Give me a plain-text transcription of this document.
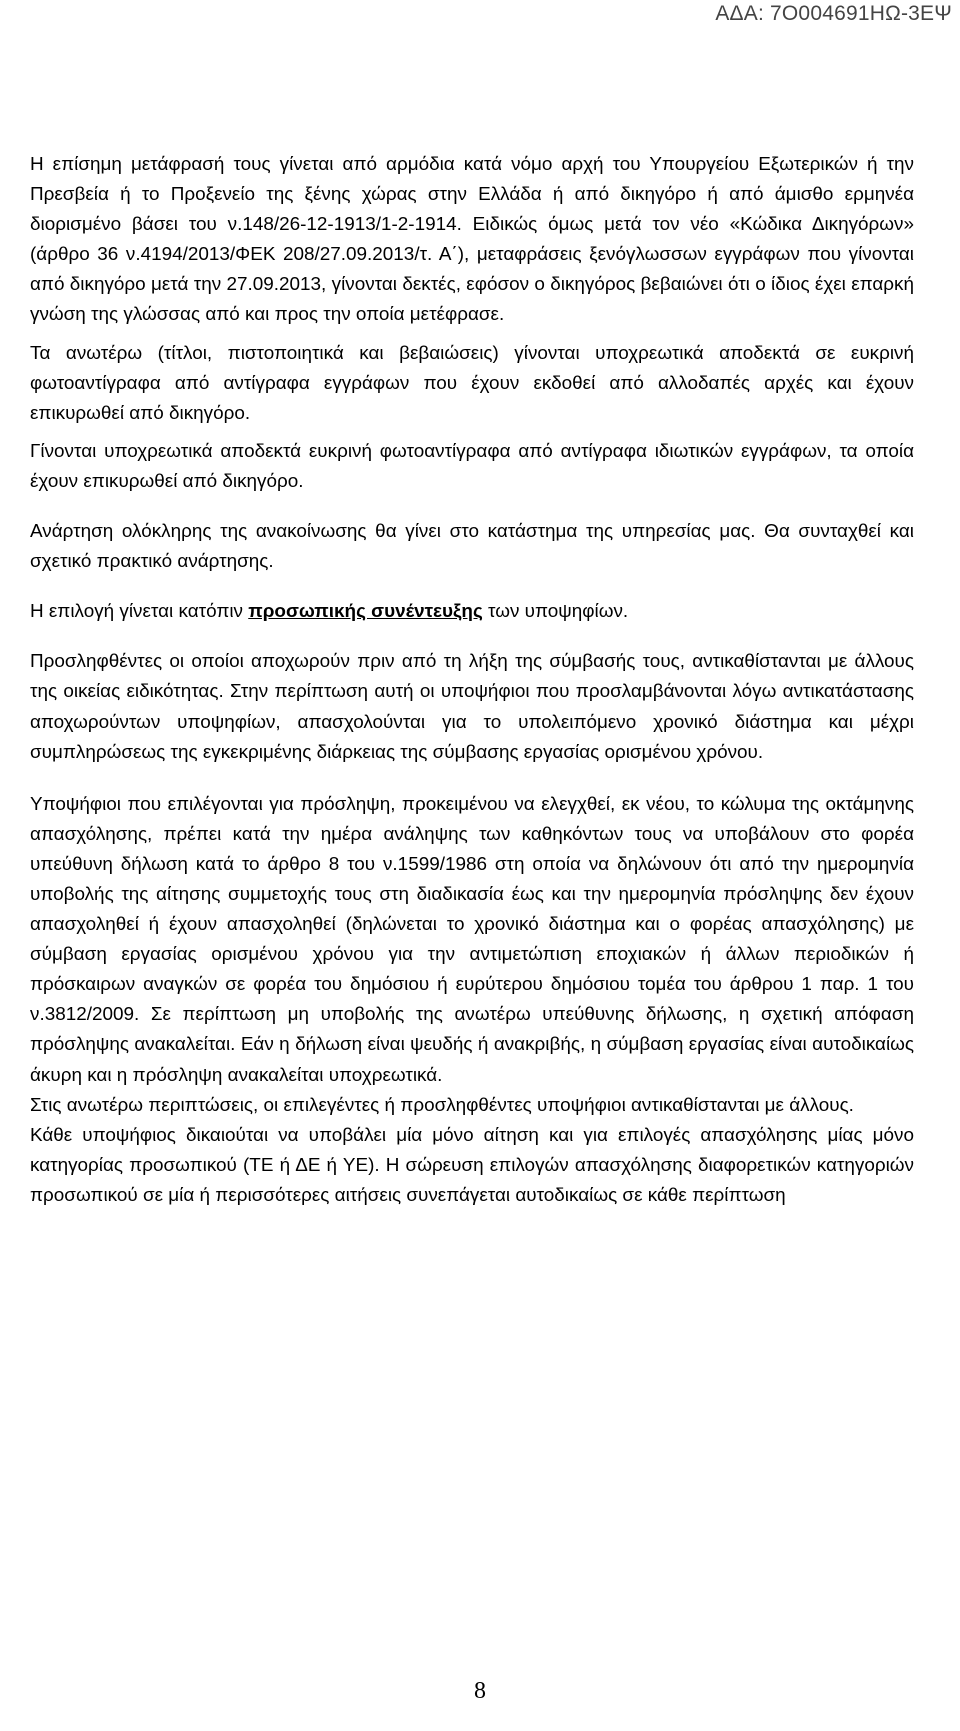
ΑΔΑ: 7Ο004691ΗΩ-3ΕΨ

Η επίσημη μετάφρασή τους γίνεται από αρμόδια κατά νόμο αρχή του Υπουργείου Εξωτερικών ή την Πρεσβεία ή το Προξενείο της ξένης χώρας στην Ελλάδα ή από δικηγόρο ή από άμισθο ερμηνέα διορισμένο βάσει του ν.148/26-12-1913/1-2-1914. Ειδικώς όμως μετά τον νέο «Κώδικα Δικηγόρων» (άρθρο 36 ν.4194/2013/ΦΕΚ 208/27.09.2013/τ. Α΄), μεταφράσεις ξενόγλωσσων εγγράφων που γίνονται από δικηγόρο μετά την 27.09.2013, γίνονται δεκτές, εφόσον ο δικηγόρος βεβαιώνει ότι ο ίδιος έχει επαρκή γνώση της γλώσσας από και προς την οποία μετέφρασε.

Τα ανωτέρω (τίτλοι, πιστοποιητικά και βεβαιώσεις) γίνονται υποχρεωτικά αποδεκτά σε ευκρινή φωτοαντίγραφα από αντίγραφα εγγράφων που έχουν εκδοθεί από αλλοδαπές αρχές και έχουν επικυρωθεί από δικηγόρο.

Γίνονται υποχρεωτικά αποδεκτά ευκρινή φωτοαντίγραφα από αντίγραφα ιδιωτικών εγγράφων, τα οποία έχουν επικυρωθεί από δικηγόρο.

Ανάρτηση ολόκληρης της ανακοίνωσης θα γίνει στο κατάστημα της υπηρεσίας μας. Θα συνταχθεί και σχετικό πρακτικό ανάρτησης.

Η επιλογή γίνεται κατόπιν προσωπικής συνέντευξης των υποψηφίων.

Προσληφθέντες οι οποίοι αποχωρούν πριν από τη λήξη της σύμβασής τους, αντικαθίστανται με άλλους της οικείας ειδικότητας. Στην περίπτωση αυτή οι υποψήφιοι που προσλαμβάνονται λόγω αντικατάστασης αποχωρούντων υποψηφίων, απασχολούνται για το υπολειπόμενο χρονικό διάστημα και μέχρι συμπληρώσεως της εγκεκριμένης διάρκειας της σύμβασης εργασίας ορισμένου χρόνου.

Υποψήφιοι που επιλέγονται για πρόσληψη, προκειμένου να ελεγχθεί, εκ νέου, το κώλυμα της οκτάμηνης απασχόλησης, πρέπει κατά την ημέρα ανάληψης των καθηκόντων τους να υποβάλουν στο φορέα υπεύθυνη δήλωση κατά το άρθρο 8 του ν.1599/1986 στη οποία να δηλώνουν ότι από την ημερομηνία υποβολής της αίτησης συμμετοχής τους στη διαδικασία έως και την ημερομηνία πρόσληψης δεν έχουν απασχοληθεί ή έχουν απασχοληθεί (δηλώνεται το χρονικό διάστημα και ο φορέας απασχόλησης) με σύμβαση εργασίας ορισμένου χρόνου για την αντιμετώπιση εποχιακών ή άλλων περιοδικών ή πρόσκαιρων αναγκών σε φορέα του δημόσιου ή ευρύτερου δημόσιου τομέα του άρθρου 1 παρ. 1 του ν.3812/2009. Σε περίπτωση μη υποβολής της ανωτέρω υπεύθυνης δήλωσης, η σχετική απόφαση πρόσληψης ανακαλείται. Εάν η δήλωση είναι ψευδής ή ανακριβής, η σύμβαση εργασίας είναι αυτοδικαίως άκυρη και η πρόσληψη ανακαλείται υποχρεωτικά.

Στις ανωτέρω περιπτώσεις, οι επιλεγέντες ή προσληφθέντες υποψήφιοι αντικαθίστανται με άλλους.

Κάθε υποψήφιος δικαιούται να υποβάλει μία μόνο αίτηση και για επιλογές απασχόλησης μίας μόνο κατηγορίας προσωπικού (ΤΕ ή ΔΕ ή ΥΕ). Η σώρευση επιλογών απασχόλησης διαφορετικών κατηγοριών προσωπικού σε μία ή περισσότερες αιτήσεις συνεπάγεται αυτοδικαίως σε κάθε περίπτωση

8
